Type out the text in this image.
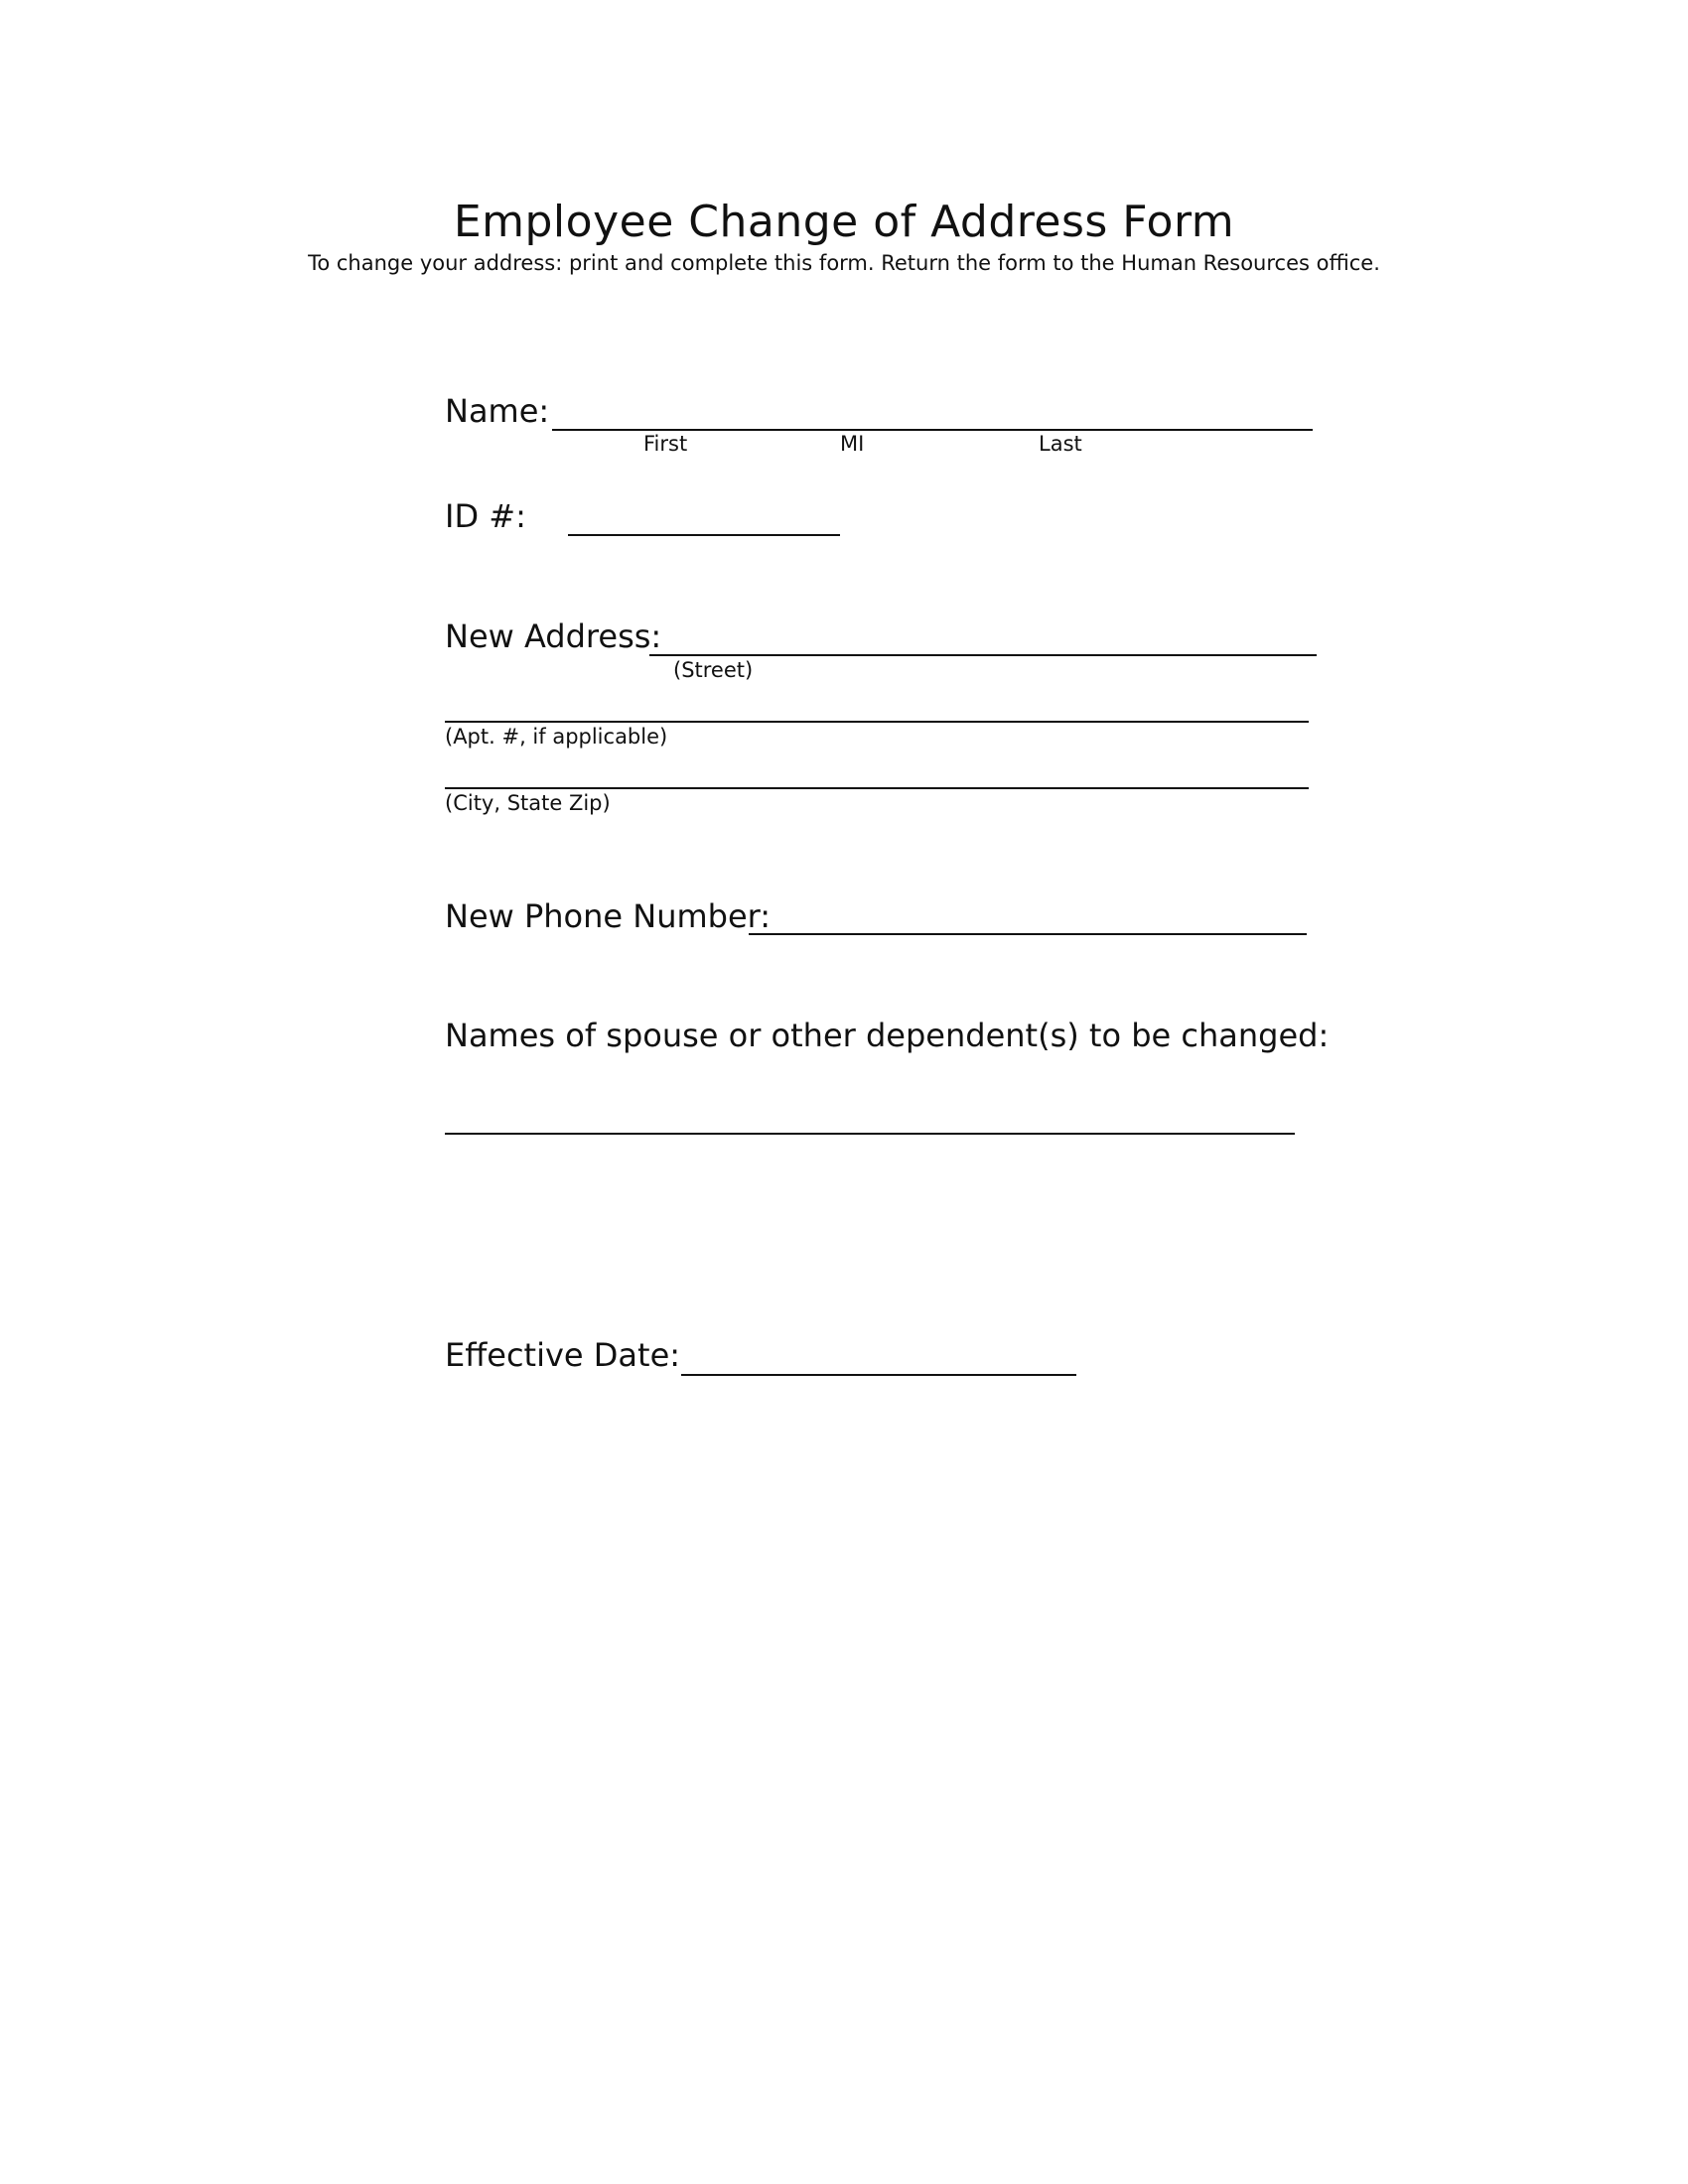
Employee Change of Address Form
To change your address: print and complete this form. Return the form to the Human Resources office.
Name:
First	MI	Last
ID #:
New Address:
(Street)
(Apt. #, if applicable)
(City, State Zip)
New Phone Number:
Names of spouse or other dependent(s) to be changed:
Effective Date:
